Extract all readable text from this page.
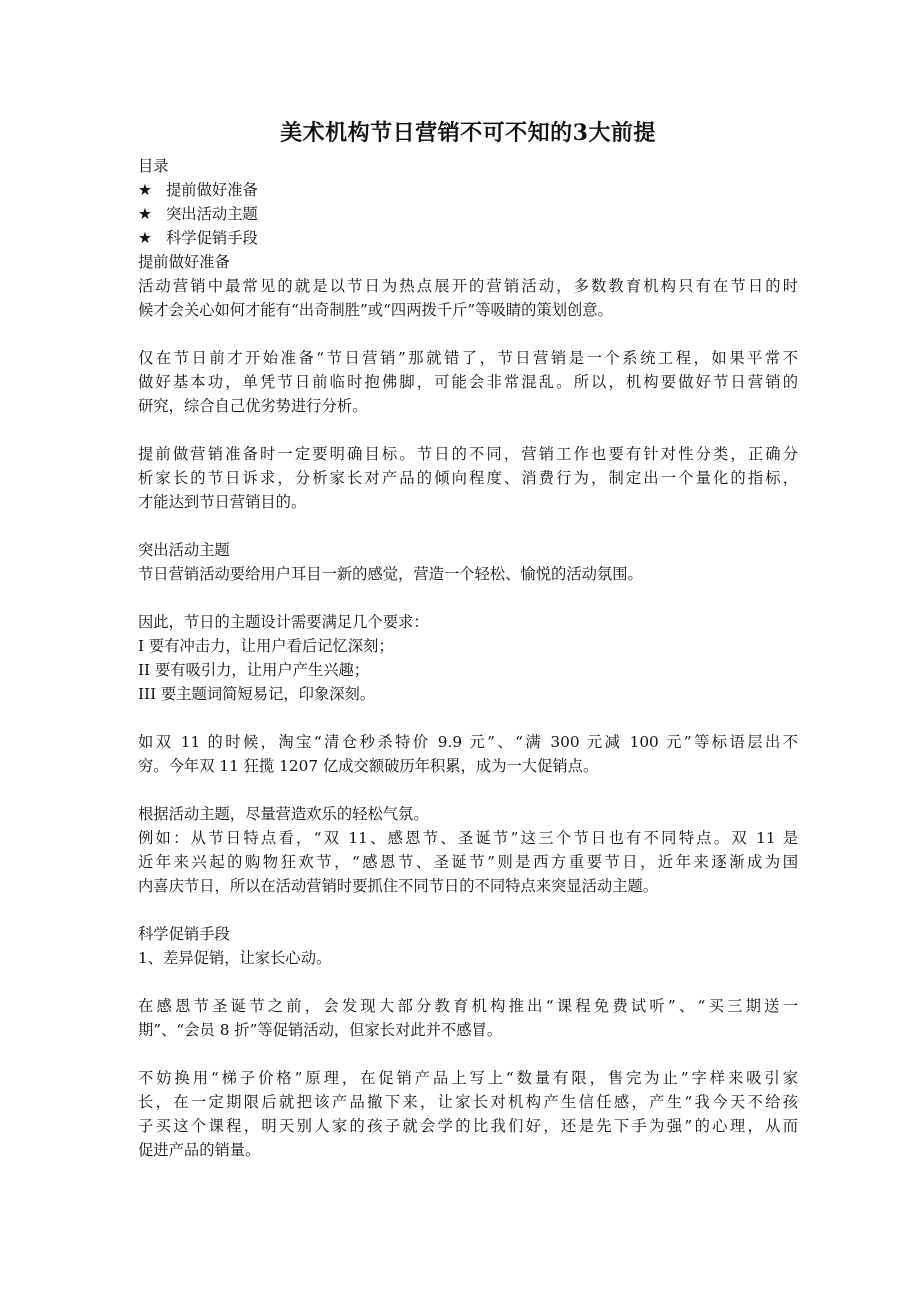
美术机构节日营销不可不知的3大前提

目录

★ 提前做好准备
★ 突出活动主题
★ 科学促销手段

提前做好准备

活动营销中最常见的就是以节日为热点展开的营销活动，多数教育机构只有在节日的时

候才会关心如何才能有“出奇制胜”或“四两拨千斤”等吸睛的策划创意。

仅在节日前才开始准备“节日营销”那就错了，节日营销是一个系统工程，如果平常不

做好基本功，单凭节日前临时抱佛脚，可能会非常混乱。所以，机构要做好节日营销的

研究，综合自己优劣势进行分析。

提前做营销准备时一定要明确目标。节日的不同，营销工作也要有针对性分类，正确分

析家长的节日诉求，分析家长对产品的倾向程度、消费行为，制定出一个量化的指标，

才能达到节日营销目的。

突出活动主题

节日营销活动要给用户耳目一新的感觉，营造一个轻松、愉悦的活动氛围。

因此，节日的主题设计需要满足几个要求：

I 要有冲击力，让用户看后记忆深刻；

II 要有吸引力，让用户产生兴趣；

III 要主题词简短易记，印象深刻。

如双 11 的时候，淘宝“清仓秒杀特价 9.9 元”、“满 300 元减 100 元”等标语层出不

穷。今年双 11 狂揽 1207 亿成交额破历年积累，成为一大促销点。

根据活动主题，尽量营造欢乐的轻松气氛。

例如：从节日特点看，“双 11、感恩节、圣诞节”这三个节日也有不同特点。双 11 是

近年来兴起的购物狂欢节，“感恩节、圣诞节”则是西方重要节日，近年来逐渐成为国

内喜庆节日，所以在活动营销时要抓住不同节日的不同特点来突显活动主题。

科学促销手段

1、差异促销，让家长心动。

在感恩节圣诞节之前，会发现大部分教育机构推出“课程免费试听”、“买三期送一

期”、“会员 8 折”等促销活动，但家长对此并不感冒。

不妨换用“梯子价格”原理，在促销产品上写上“数量有限，售完为止”字样来吸引家

长，在一定期限后就把该产品撤下来，让家长对机构产生信任感，产生“我今天不给孩

子买这个课程，明天别人家的孩子就会学的比我们好，还是先下手为强”的心理，从而

促进产品的销量。
